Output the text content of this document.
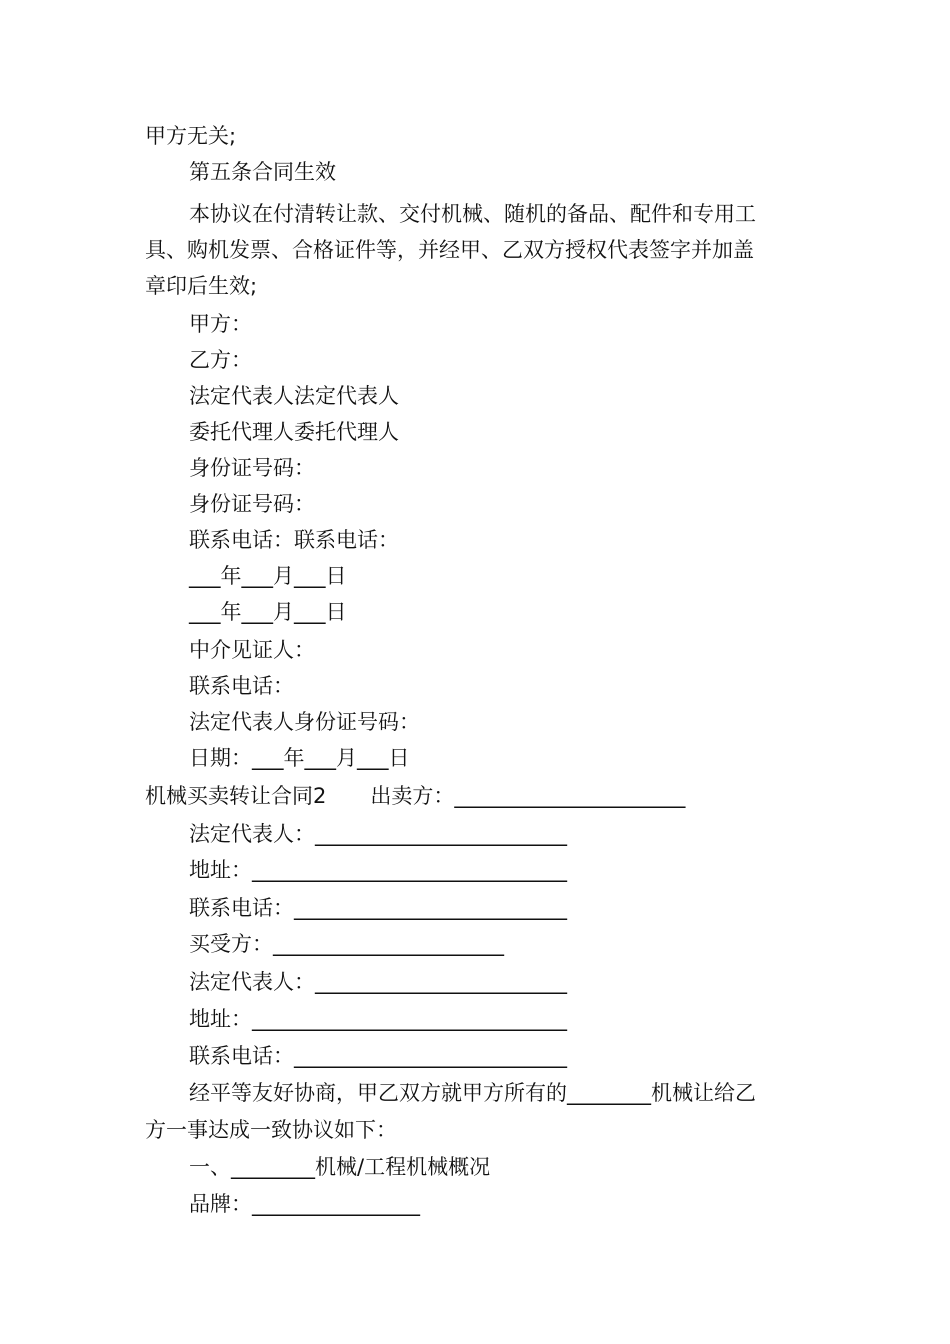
甲方无关;
第五条合同生效
本协议在付清转让款、交付机械、随机的备品、配件和专用工
具、购机发票、合格证件等，并经甲、乙双方授权代表签字并加盖
章印后生效;
甲方：
乙方：
法定代表人法定代表人
委托代理人委托代理人
身份证号码：
身份证号码：
联系电话：联系电话：
___年___月___日
___年___月___日
中介见证人：
联系电话：
法定代表人身份证号码：
日期：___年___月___日
机械买卖转让合同2 出卖方：______________________
法定代表人：________________________
地址：______________________________
联系电话：__________________________
买受方：______________________
法定代表人：________________________
地址：______________________________
联系电话：__________________________
经平等友好协商，甲乙双方就甲方所有的________机械让给乙
方一事达成一致协议如下：
一、________机械/工程机械概况
品牌：________________
